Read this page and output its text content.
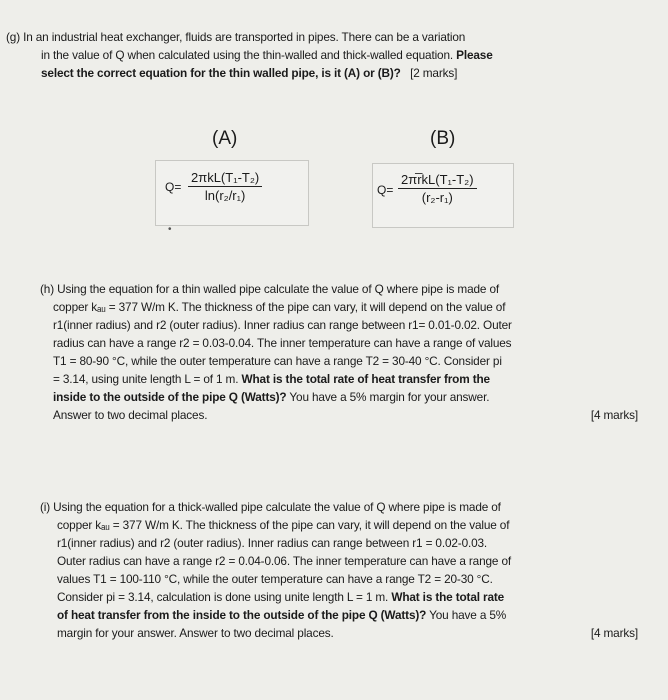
(g) In an industrial heat exchanger, fluids are transported in pipes. There can be a variation
in the value of Q when calculated using the thin-walled and thick-walled equation. Please
select the correct equation for the thin walled pipe, is it (A) or (B)? [2 marks]
(A)	(B)
Q=
2πkL(T₁-T₂)
ln(r₂/r₁)
•
Q=
2πr̅kL(T₁-T₂)
(r₂-r₁)
(h) Using the equation for a thin walled pipe calculate the value of Q where pipe is made of
copper kₐᵤ = 377 W/m K. The thickness of the pipe can vary, it will depend on the value of
r1(inner radius) and r2 (outer radius). Inner radius can range between r1= 0.01-0.02. Outer
radius can have a range r2 = 0.03-0.04. The inner temperature can have a range of values
T1 = 80-90 °C, while the outer temperature can have a range T2 = 30-40 °C. Consider pi
= 3.14, using unite length L = of 1 m. What is the total rate of heat transfer from the
inside to the outside of the pipe Q (Watts)? You have a 5% margin for your answer.
Answer to two decimal places.	[4 marks]
(i) Using the equation for a thick-walled pipe calculate the value of Q where pipe is made of
copper kₐᵤ = 377 W/m K. The thickness of the pipe can vary, it will depend on the value of
r1(inner radius) and r2 (outer radius). Inner radius can range between r1 = 0.02-0.03.
Outer radius can have a range r2 = 0.04-0.06. The inner temperature can have a range of
values T1 = 100-110 °C, while the outer temperature can have a range T2 = 20-30 °C.
Consider pi = 3.14, calculation is done using unite length L = 1 m. What is the total rate
of heat transfer from the inside to the outside of the pipe Q (Watts)? You have a 5%
margin for your answer. Answer to two decimal places.	[4 marks]
